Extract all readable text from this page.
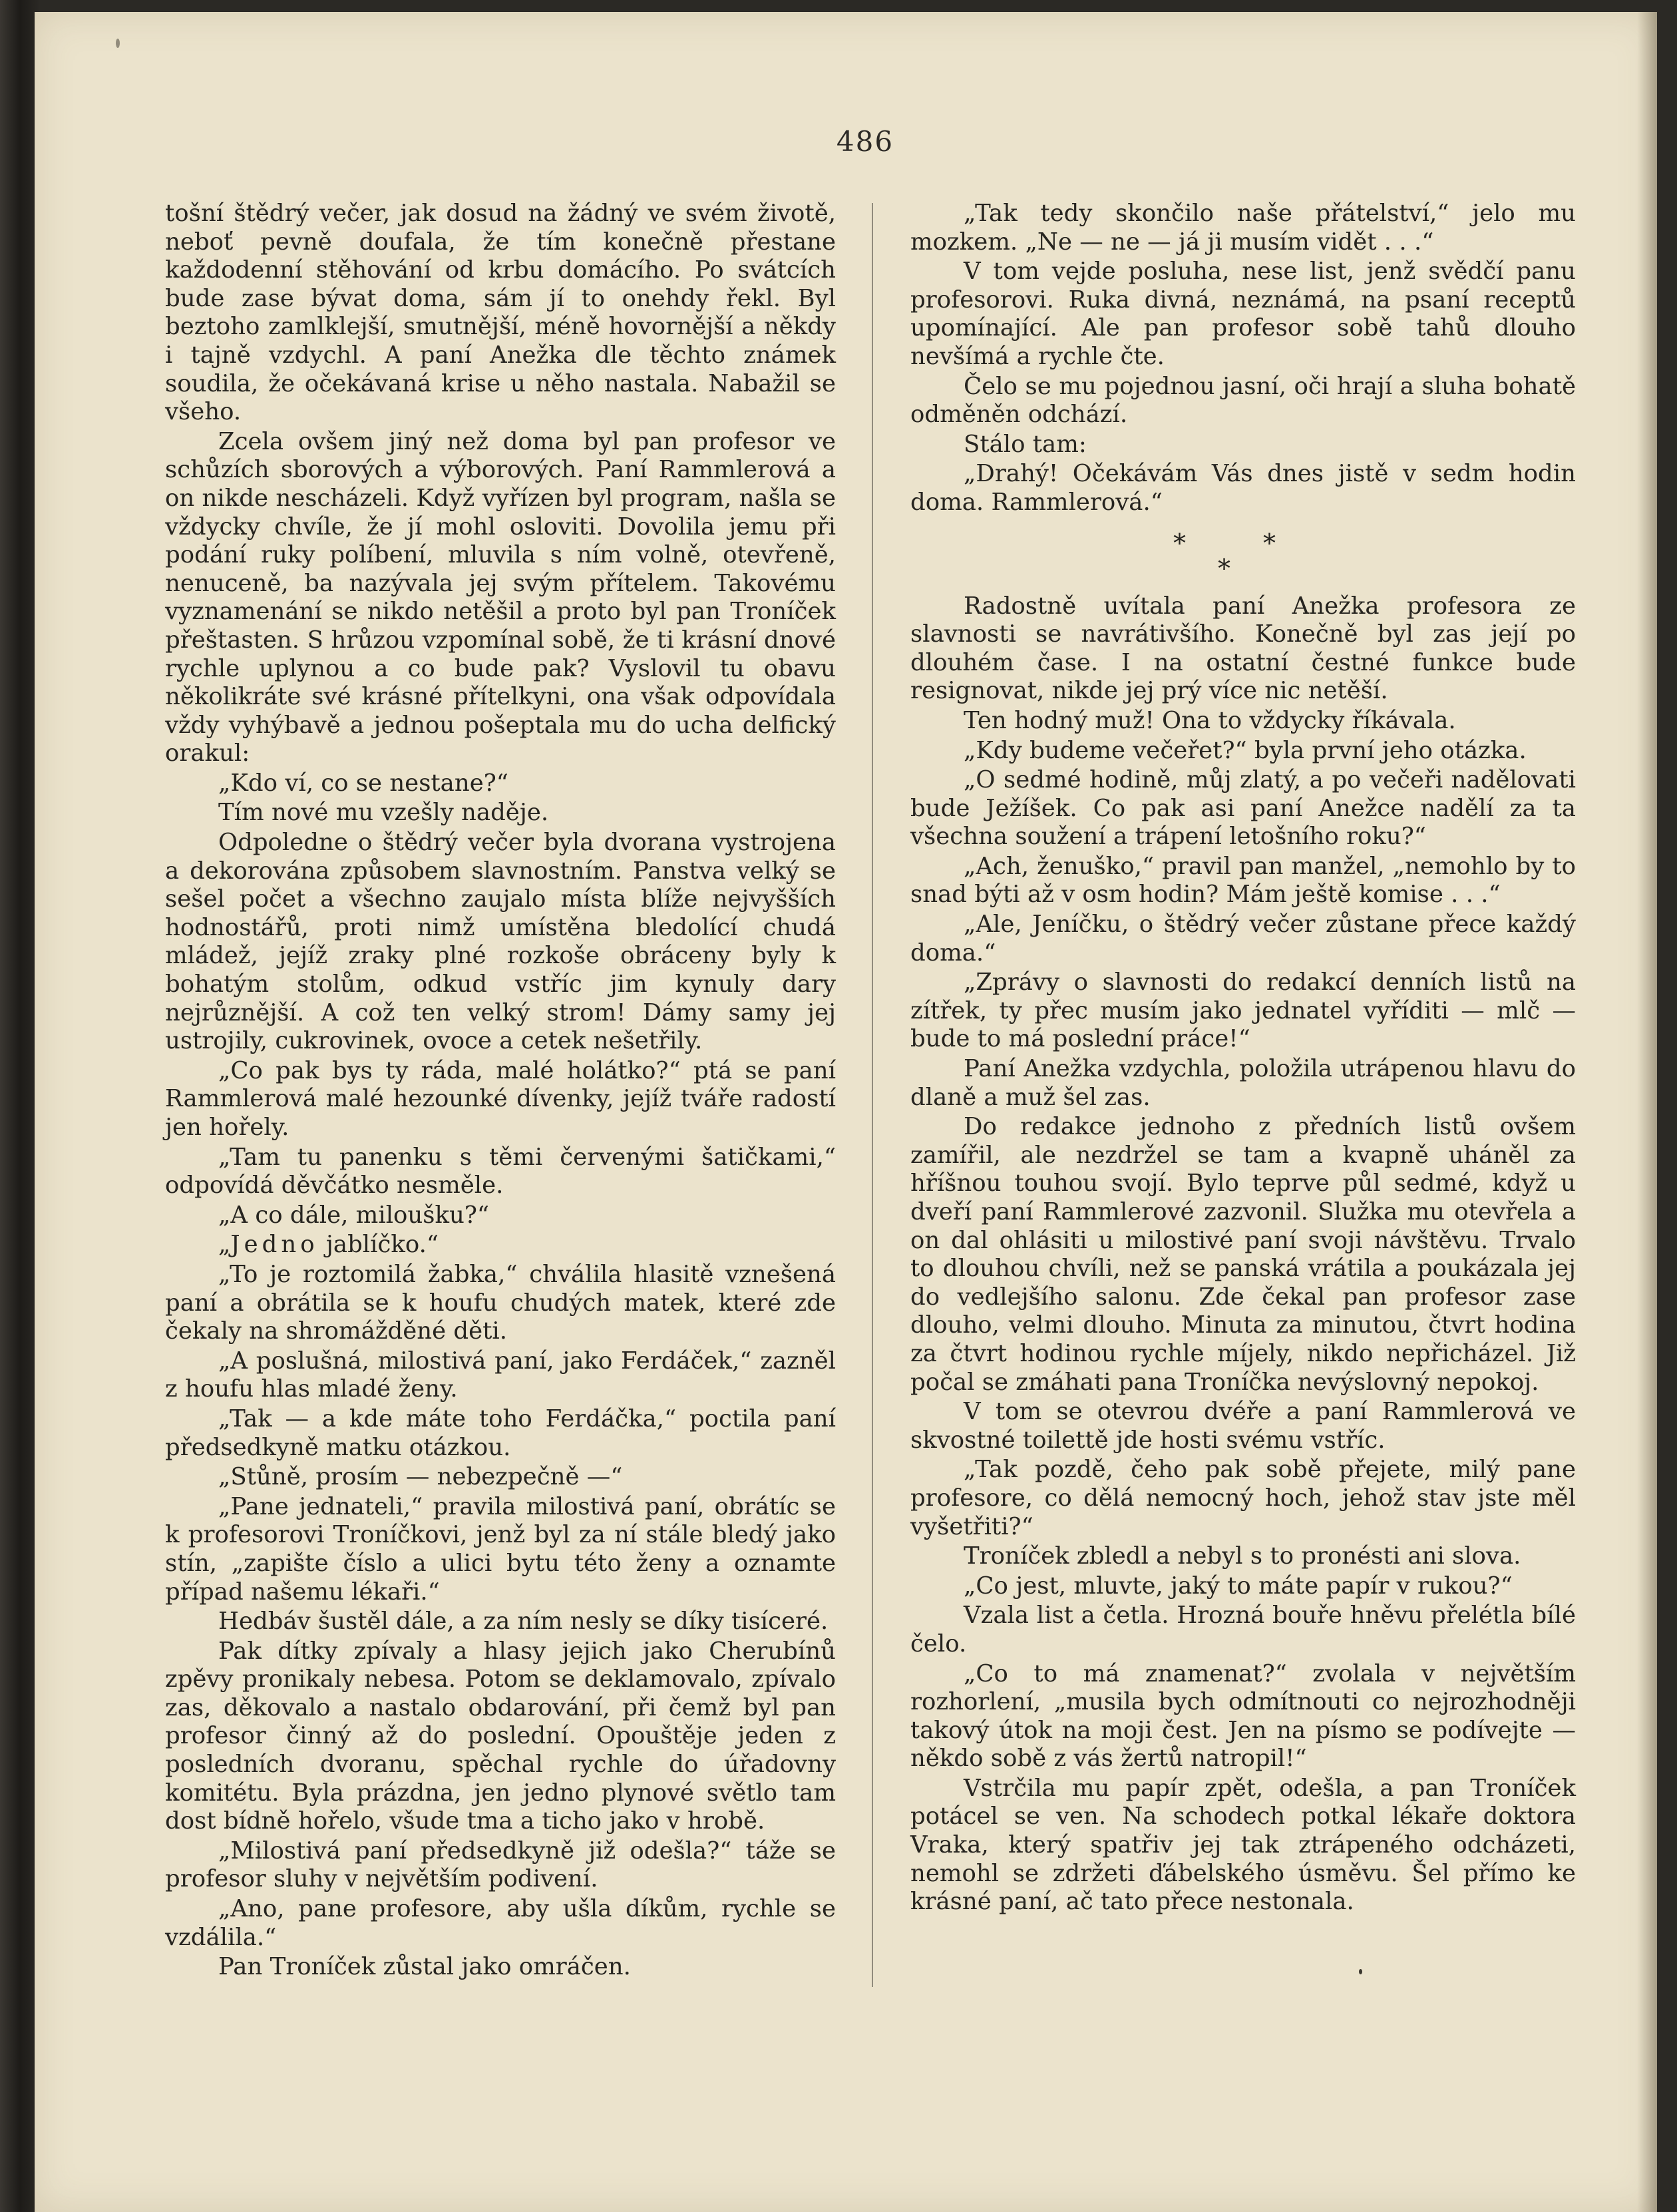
486

tošní štědrý večer, jak dosud na žádný ve svém životě, neboť pevně doufala, že tím konečně přestane každodenní stěhování od krbu domácího. Po svátcích bude zase bývat doma, sám jí to onehdy řekl. Byl beztoho zamlklejší, smutnější, méně hovornější a někdy i tajně vzdychl. A paní Anežka dle těchto známek soudila, že očekávaná krise u něho nastala. Nabažil se všeho.

Zcela ovšem jiný než doma byl pan profesor ve schůzích sborových a výborových. Paní Rammlerová a on nikde nescházeli. Když vyřízen byl program, našla se vždycky chvíle, že jí mohl osloviti. Dovolila jemu při podání ruky políbení, mluvila s ním volně, otevřeně, nenuceně, ba nazývala jej svým přítelem. Takovému vyznamenání se nikdo netěšil a proto byl pan Troníček přeštasten. S hrůzou vzpomínal sobě, že ti krásní dnové rychle uplynou a co bude pak? Vyslovil tu obavu několikráte své krásné přítelkyni, ona však odpovídala vždy vyhýbavě a jednou pošeptala mu do ucha delfický orakul:

„Kdo ví, co se nestane?“

Tím nové mu vzešly naděje.

Odpoledne o štědrý večer byla dvorana vystrojena a dekorována způsobem slavnostním. Panstva velký se sešel počet a všechno zaujalo místa blíže nejvyšších hodnostářů, proti nimž umístěna bledolící chudá mládež, jejíž zraky plné rozkoše obráceny byly k bohatým stolům, odkud vstříc jim kynuly dary nejrůznější. A což ten velký strom! Dámy samy jej ustrojily, cukrovinek, ovoce a cetek nešetřily.

„Co pak bys ty ráda, malé holátko?“ ptá se paní Rammlerová malé hezounké dívenky, jejíž tváře radostí jen hořely.

„Tam tu panenku s těmi červenými šatičkami,“ odpovídá děvčátko nesměle.

„A co dále, miloušku?“

„Jedno jablíčko.“

„To je roztomilá žabka,“ chválila hlasitě vznešená paní a obrátila se k houfu chudých matek, které zde čekaly na shromážděné děti.

„A poslušná, milostivá paní, jako Ferdáček,“ zazněl z houfu hlas mladé ženy.

„Tak — a kde máte toho Ferdáčka,“ poctila paní předsedkyně matku otázkou.

„Stůně, prosím — nebezpečně —“

„Pane jednateli,“ pravila milostivá paní, obrátíc se k profesorovi Troníčkovi, jenž byl za ní stále bledý jako stín, „zapište číslo a ulici bytu této ženy a oznamte případ našemu lékaři.“

Hedbáv šustěl dále, a za ním nesly se díky tisíceré.

Pak dítky zpívaly a hlasy jejich jako Cherubínů zpěvy pronikaly nebesa. Potom se deklamovalo, zpívalo zas, děkovalo a nastalo obdarování, při čemž byl pan profesor činný až do poslední. Opouštěje jeden z posledních dvoranu, spěchal rychle do úřadovny komitétu. Byla prázdna, jen jedno plynové světlo tam dost bídně hořelo, všude tma a ticho jako v hrobě.

„Milostivá paní předsedkyně již odešla?“ táže se profesor sluhy v největším podivení.

„Ano, pane profesore, aby ušla díkům, rychle se vzdálila.“

Pan Troníček zůstal jako omráčen.

„Tak tedy skončilo naše přátelství,“ jelo mu mozkem. „Ne — ne — já ji musím vidět . . .“

V tom vejde posluha, nese list, jenž svědčí panu profesorovi. Ruka divná, neznámá, na psaní receptů upomínající. Ale pan profesor sobě tahů dlouho nevšímá a rychle čte.

Čelo se mu pojednou jasní, oči hrají a sluha bohatě odměněn odchází.

Stálo tam:

„Drahý! Očekávám Vás dnes jistě v sedm hodin doma. Rammlerová.“

*	*
*

Radostně uvítala paní Anežka profesora ze slavnosti se navrátivšího. Konečně byl zas její po dlouhém čase. I na ostatní čestné funkce bude resignovat, nikde jej prý více nic netěší.

Ten hodný muž! Ona to vždycky říkávala.

„Kdy budeme večeřet?“ byla první jeho otázka.

„O sedmé hodině, můj zlatý, a po večeři nadělovati bude Ježíšek. Co pak asi paní Anežce nadělí za ta všechna soužení a trápení letošního roku?“

„Ach, ženuško,“ pravil pan manžel, „nemohlo by to snad býti až v osm hodin? Mám ještě komise . . .“

„Ale, Jeníčku, o štědrý večer zůstane přece každý doma.“

„Zprávy o slavnosti do redakcí denních listů na zítřek, ty přec musím jako jednatel vyříditi — mlč — bude to má poslední práce!“

Paní Anežka vzdychla, položila utrápenou hlavu do dlaně a muž šel zas.

Do redakce jednoho z předních listů ovšem zamířil, ale nezdržel se tam a kvapně uháněl za hříšnou touhou svojí. Bylo teprve půl sedmé, když u dveří paní Rammlerové zazvonil. Služka mu otevřela a on dal ohlásiti u milostivé paní svoji návštěvu. Trvalo to dlouhou chvíli, než se panská vrátila a poukázala jej do vedlejšího salonu. Zde čekal pan profesor zase dlouho, velmi dlouho. Minuta za minutou, čtvrt hodina za čtvrt hodinou rychle míjely, nikdo nepřicházel. Již počal se zmáhati pana Troníčka nevýslovný nepokoj.

V tom se otevrou dvéře a paní Rammlerová ve skvostné toilettě jde hosti svému vstříc.

„Tak pozdě, čeho pak sobě přejete, milý pane profesore, co dělá nemocný hoch, jehož stav jste měl vyšetřiti?“

Troníček zbledl a nebyl s to pronésti ani slova.

„Co jest, mluvte, jaký to máte papír v rukou?“

Vzala list a četla. Hrozná bouře hněvu přelétla bílé čelo.

„Co to má znamenat?“ zvolala v největším rozhorlení, „musila bych odmítnouti co nejrozhodněji takový útok na moji čest. Jen na písmo se podívejte — někdo sobě z vás žertů natropil!“

Vstrčila mu papír zpět, odešla, a pan Troníček potácel se ven. Na schodech potkal lékaře doktora Vraka, který spatřiv jej tak ztrápeného odcházeti, nemohl se zdržeti ďábelského úsměvu. Šel přímo ke krásné paní, ač tato přece nestonala.
